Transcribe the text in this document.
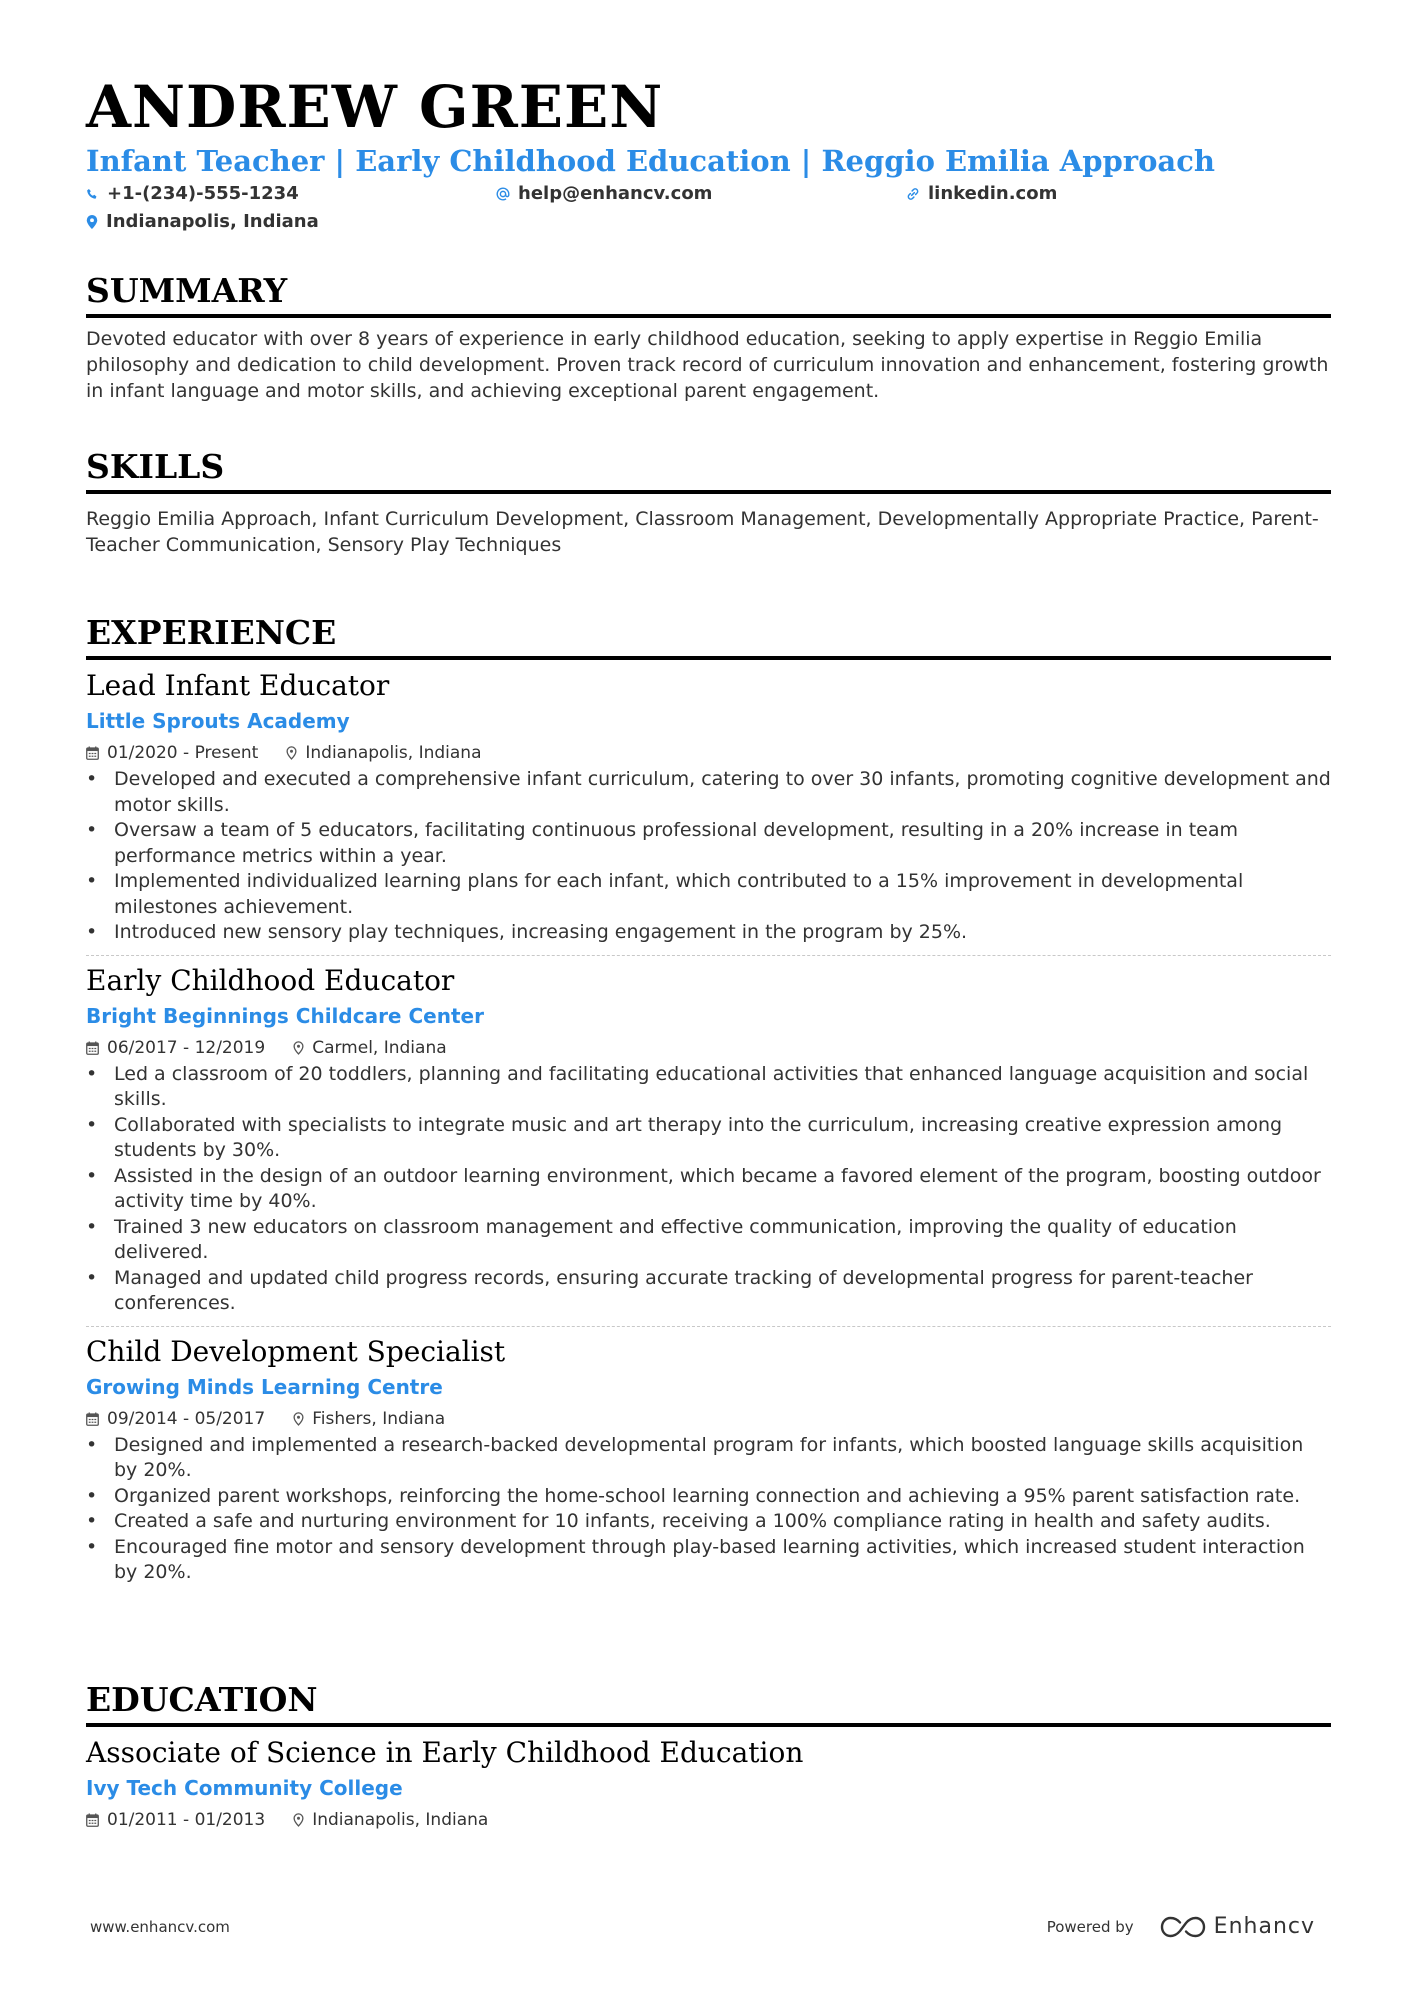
ANDREW GREEN
Infant Teacher | Early Childhood Education | Reggio Emilia Approach
+1-(234)-555-1234	help@enhancv.com	linkedin.com
Indianapolis, Indiana
SUMMARY
Devoted educator with over 8 years of experience in early childhood education, seeking to apply expertise in Reggio Emilia philosophy and dedication to child development. Proven track record of curriculum innovation and enhancement, fostering growth in infant language and motor skills, and achieving exceptional parent engagement.
SKILLS
Reggio Emilia Approach, Infant Curriculum Development, Classroom Management, Developmentally Appropriate Practice, Parent-Teacher Communication, Sensory Play Techniques
EXPERIENCE
Lead Infant Educator
Little Sprouts Academy
01/2020 - Present	Indianapolis, Indiana
• Developed and executed a comprehensive infant curriculum, catering to over 30 infants, promoting cognitive development and motor skills.
• Oversaw a team of 5 educators, facilitating continuous professional development, resulting in a 20% increase in team performance metrics within a year.
• Implemented individualized learning plans for each infant, which contributed to a 15% improvement in developmental milestones achievement.
• Introduced new sensory play techniques, increasing engagement in the program by 25%.
Early Childhood Educator
Bright Beginnings Childcare Center
06/2017 - 12/2019	Carmel, Indiana
• Led a classroom of 20 toddlers, planning and facilitating educational activities that enhanced language acquisition and social skills.
• Collaborated with specialists to integrate music and art therapy into the curriculum, increasing creative expression among students by 30%.
• Assisted in the design of an outdoor learning environment, which became a favored element of the program, boosting outdoor activity time by 40%.
• Trained 3 new educators on classroom management and effective communication, improving the quality of education delivered.
• Managed and updated child progress records, ensuring accurate tracking of developmental progress for parent-teacher conferences.
Child Development Specialist
Growing Minds Learning Centre
09/2014 - 05/2017	Fishers, Indiana
• Designed and implemented a research-backed developmental program for infants, which boosted language skills acquisition by 20%.
• Organized parent workshops, reinforcing the home-school learning connection and achieving a 95% parent satisfaction rate.
• Created a safe and nurturing environment for 10 infants, receiving a 100% compliance rating in health and safety audits.
• Encouraged fine motor and sensory development through play-based learning activities, which increased student interaction by 20%.
EDUCATION
Associate of Science in Early Childhood Education
Ivy Tech Community College
01/2011 - 01/2013	Indianapolis, Indiana
www.enhancv.com	Powered by	Enhancv
